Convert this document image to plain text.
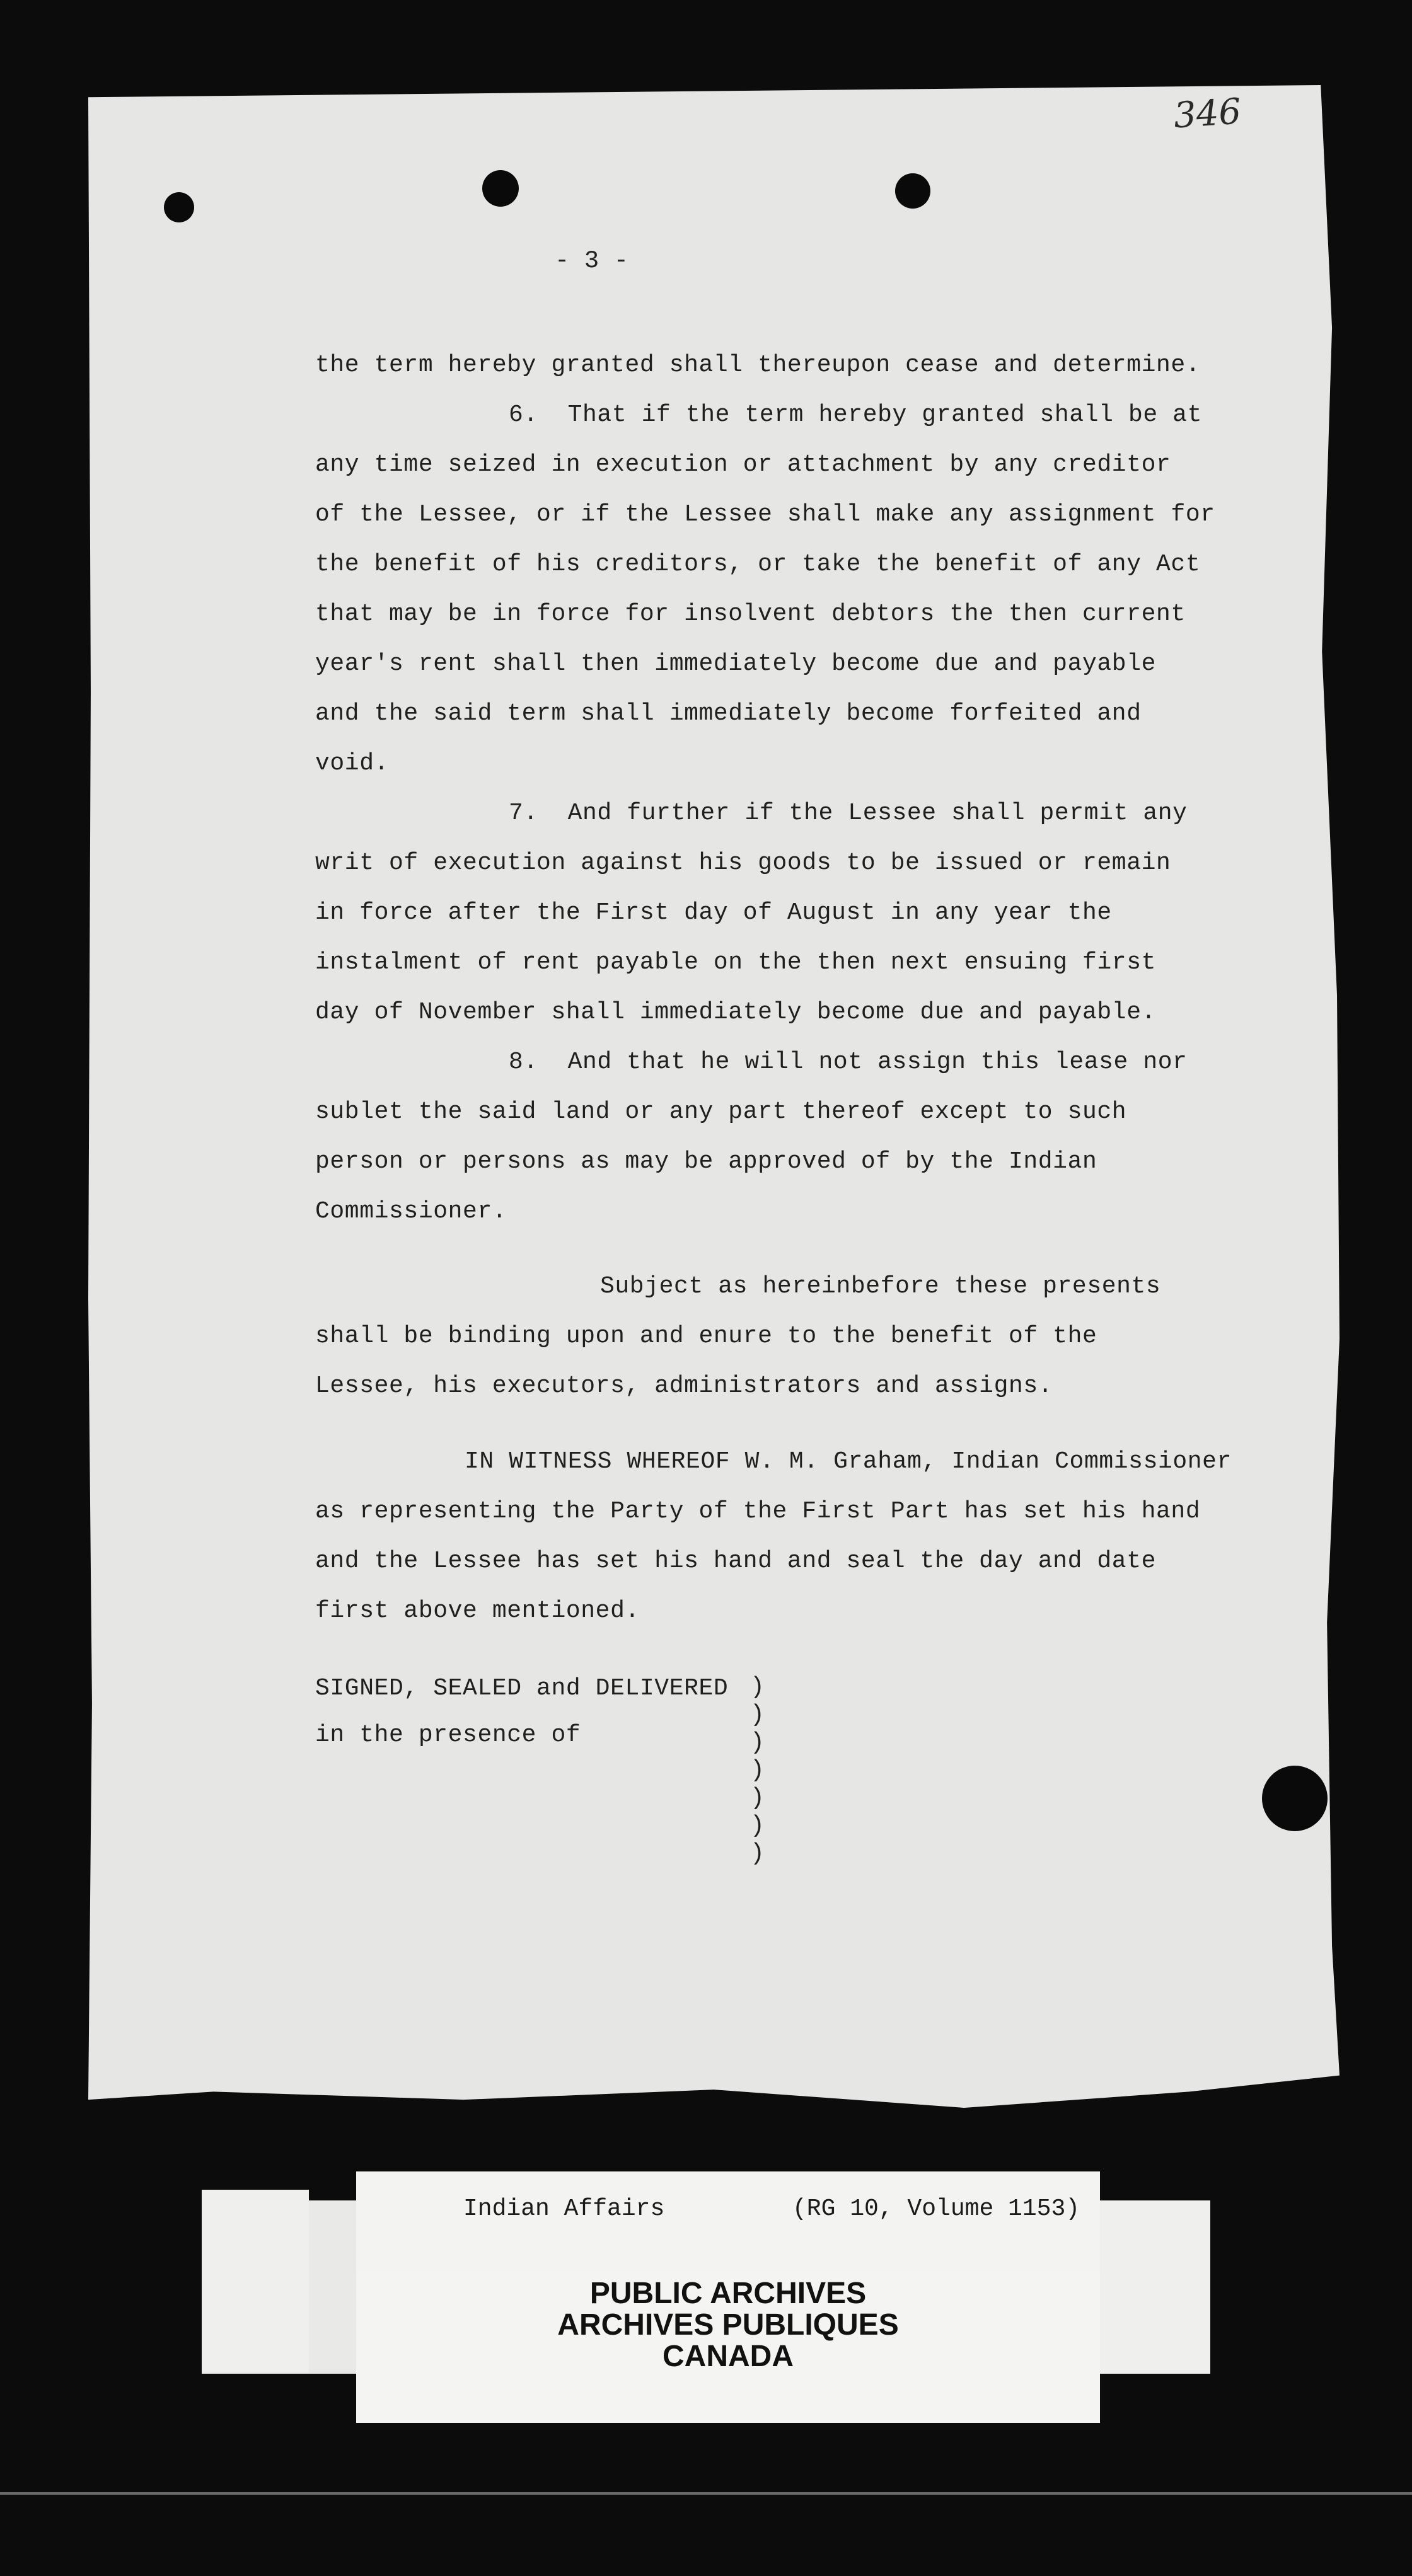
346
- 3 -
the term hereby granted shall thereupon cease and determine.
6.  That if the term hereby granted shall be at
any time seized in execution or attachment by any creditor
of the Lessee, or if the Lessee shall make any assignment for
the benefit of his creditors, or take the benefit of any Act
that may be in force for insolvent debtors the then current
year's rent shall then immediately become due and payable
and the said term shall immediately become forfeited and
void.
7.  And further if the Lessee shall permit any
writ of execution against his goods to be issued or remain
in force after the First day of August in any year the
instalment of rent payable on the then next ensuing first
day of November shall immediately become due and payable.
8.  And that he will not assign this lease nor
sublet the said land or any part thereof except to such
person or persons as may be approved of by the Indian
Commissioner.
Subject as hereinbefore these presents
shall be binding upon and enure to the benefit of the
Lessee, his executors, administrators and assigns.
IN WITNESS WHEREOF W. M. Graham, Indian Commissioner
as representing the Party of the First Part has set his hand
and the Lessee has set his hand and seal the day and date
first above mentioned.
SIGNED, SEALED and DELIVERED
in the presence of
)
)
)
)
)
)
)
Indian Affairs	(RG 10, Volume 1153)
PUBLIC ARCHIVES
ARCHIVES PUBLIQUES
CANADA
